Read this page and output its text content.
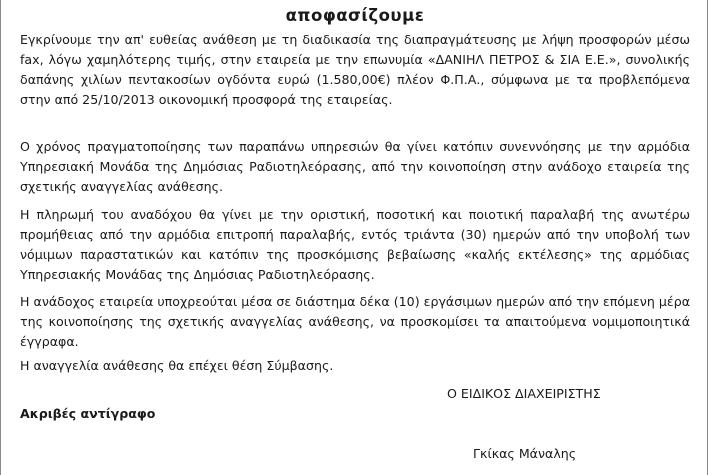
αποφασίζουμε

Εγκρίνουμε την απ' ευθείας ανάθεση με τη διαδικασία της διαπραγμάτευσης με λήψη προσφορών μέσω fax, λόγω χαμηλότερης τιμής, στην εταιρεία με την επωνυμία «ΔΑΝΙΗΛ ΠΕΤΡΟΣ & ΣΙΑ Ε.Ε.», συνολικής δαπάνης χιλίων πεντακοσίων ογδόντα ευρώ (1.580,00€) πλέον Φ.Π.Α., σύμφωνα με τα προβλεπόμενα στην από 25/10/2013 οικονομική προσφορά της εταιρείας.

Ο χρόνος πραγματοποίησης των παραπάνω υπηρεσιών θα γίνει κατόπιν συνεννόησης με την αρμόδια Υπηρεσιακή Μονάδα της Δημόσιας Ραδιοτηλεόρασης, από την κοινοποίηση στην ανάδοχο εταιρεία της σχετικής αναγγελίας ανάθεσης.

Η πληρωμή του αναδόχου θα γίνει με την οριστική, ποσοτική και ποιοτική παραλαβή της ανωτέρω προμήθειας από την αρμόδια επιτροπή παραλαβής, εντός τριάντα (30) ημερών από την υποβολή των νόμιμων παραστατικών και κατόπιν της προσκόμισης βεβαίωσης «καλής εκτέλεσης» της αρμόδιας Υπηρεσιακής Μονάδας της Δημόσιας Ραδιοτηλεόρασης.

Η ανάδοχος εταιρεία υποχρεούται μέσα σε διάστημα δέκα (10) εργάσιμων ημερών από την επόμενη μέρα της κοινοποίησης της σχετικής αναγγελίας ανάθεσης, να προσκομίσει τα απαιτούμενα νομιμοποιητικά έγγραφα.

Η αναγγελία ανάθεσης θα επέχει θέση Σύμβασης.

Ο ΕΙΔΙΚΟΣ ΔΙΑΧΕΙΡΙΣΤΗΣ
Ακριβές αντίγραφο
Γκίκας Μάναλης
